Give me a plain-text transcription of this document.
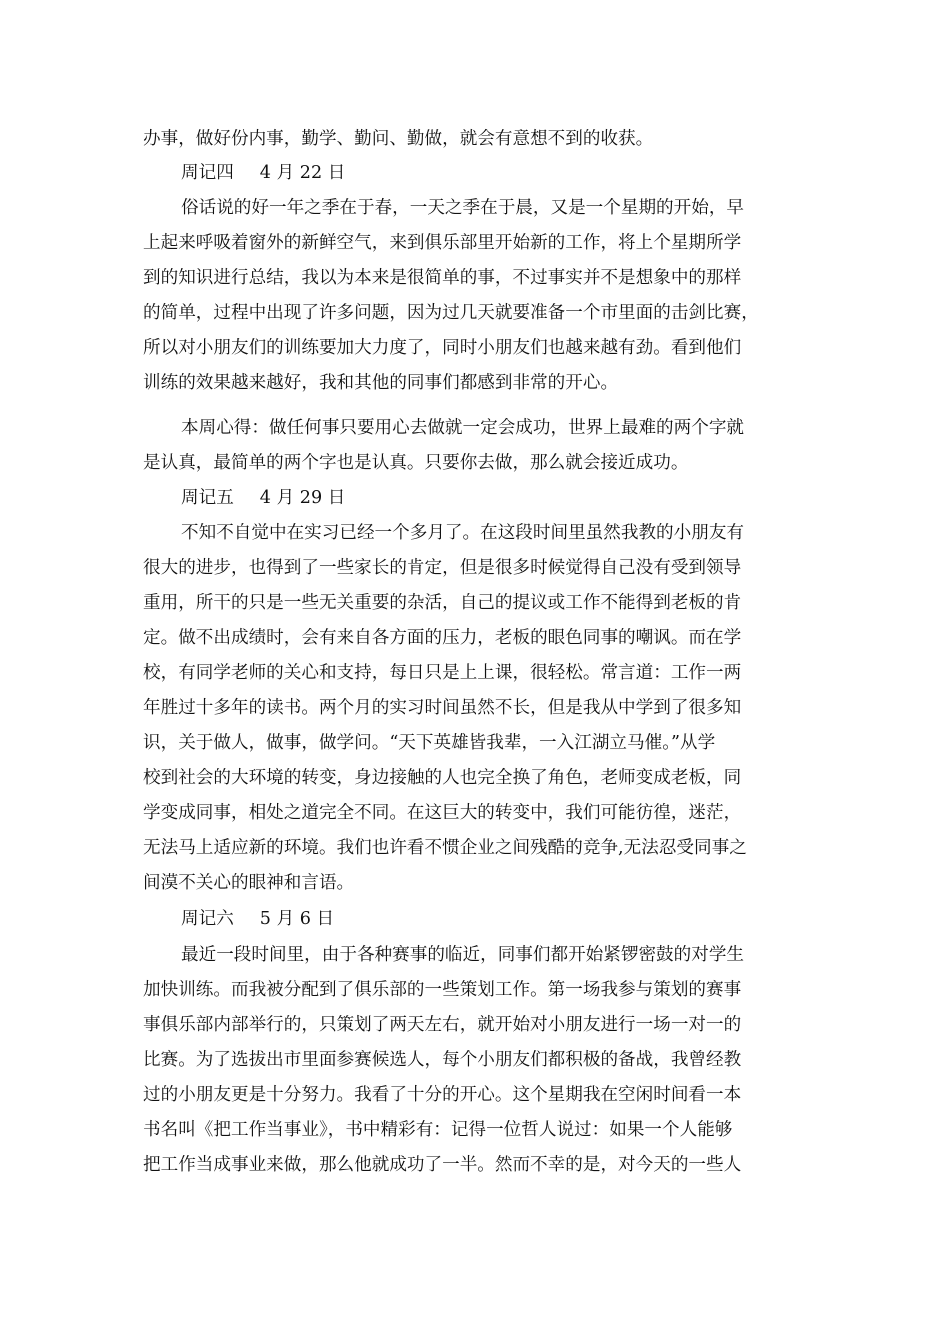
办事，做好份内事，勤学、勤问、勤做，就会有意想不到的收获。
周记四 4 月 22 日
俗话说的好一年之季在于春，一天之季在于晨，又是一个星期的开始，早
上起来呼吸着窗外的新鲜空气，来到俱乐部里开始新的工作，将上个星期所学
到的知识进行总结，我以为本来是很简单的事，不过事实并不是想象中的那样
的简单，过程中出现了许多问题，因为过几天就要准备一个市里面的击剑比赛，
所以对小朋友们的训练要加大力度了，同时小朋友们也越来越有劲。看到他们
训练的效果越来越好，我和其他的同事们都感到非常的开心。
本周心得：做任何事只要用心去做就一定会成功，世界上最难的两个字就
是认真，最简单的两个字也是认真。只要你去做，那么就会接近成功。
周记五 4 月 29 日
不知不自觉中在实习已经一个多月了。在这段时间里虽然我教的小朋友有
很大的进步，也得到了一些家长的肯定，但是很多时候觉得自己没有受到领导
重用，所干的只是一些无关重要的杂活，自己的提议或工作不能得到老板的肯
定。做不出成绩时，会有来自各方面的压力，老板的眼色同事的嘲讽。而在学
校，有同学老师的关心和支持，每日只是上上课，很轻松。常言道：工作一两
年胜过十多年的读书。两个月的实习时间虽然不长，但是我从中学到了很多知
识，关于做人，做事，做学问。“天下英雄皆我辈，一入江湖立马催。”从学
校到社会的大环境的转变，身边接触的人也完全换了角色，老师变成老板，同
学变成同事，相处之道完全不同。在这巨大的转变中，我们可能彷徨，迷茫，
无法马上适应新的环境。我们也许看不惯企业之间残酷的竞争,无法忍受同事之
间漠不关心的眼神和言语。
周记六 5 月 6 日
最近一段时间里，由于各种赛事的临近，同事们都开始紧锣密鼓的对学生
加快训练。而我被分配到了俱乐部的一些策划工作。第一场我参与策划的赛事
事俱乐部内部举行的，只策划了两天左右，就开始对小朋友进行一场一对一的
比赛。为了选拔出市里面参赛候选人，每个小朋友们都积极的备战，我曾经教
过的小朋友更是十分努力。我看了十分的开心。这个星期我在空闲时间看一本
书名叫《把工作当事业》，书中精彩有：记得一位哲人说过：如果一个人能够
把工作当成事业来做，那么他就成功了一半。然而不幸的是，对今天的一些人
